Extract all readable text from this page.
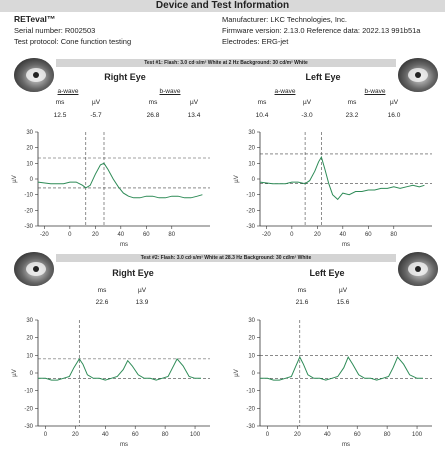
Device and Test Information
RETeval™
Serial number: R002503
Test protocol: Cone function testing
Manufacturer: LKC Technologies, Inc.
Firmware version: 2.13.0 Reference data: 2022.13 991b51a
Electrodes: ERG-jet
Test #1: Flash: 3.0 cd·s/m² White at 2 Hz Background: 30 cd/m² White
Right Eye
a-wave	b-wave
ms	µV	ms	µV
12.5	-5.7	26.8	13.4
Left Eye
a-wave	b-wave
ms	µV	ms	µV
10.4	-3.0	23.2	16.0
30
20
10
0
-10
-20
-30
-20	0	20	40	60	80
ms
µV
30
20
10
0
-10
-20
-30
-20	0	20	40	60	80
ms
µV
Test #2: Flash: 3.0 cd·s/m² White at 28.3 Hz Background: 30 cd/m² White
Right Eye
ms	µV
22.6	13.9
Left Eye
ms	µV
21.6	15.6
30
20
10
0
-10
-20
-30
0	20	40	60	80	100
ms
µV
30
20
10
0
-10
-20
-30
0	20	40	60	80	100
ms
µV
